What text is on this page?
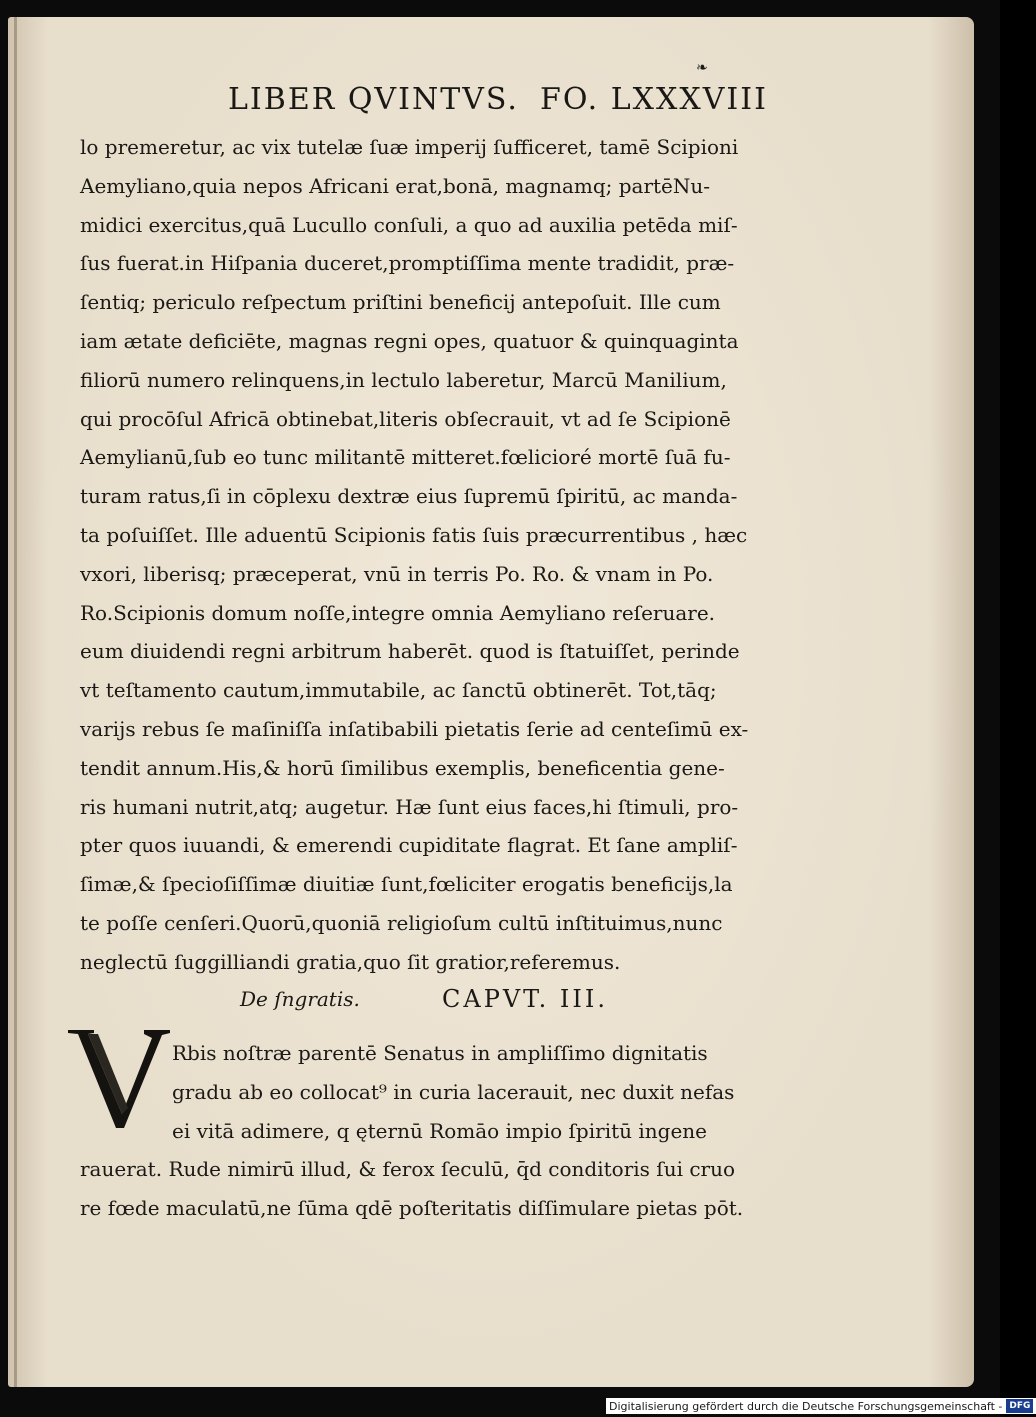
❧
LIBER QVINTVS. FO. LXXXVIII
lo premeretur, ac vix tutelæ ſuæ imperij ſufficeret, tamē Scipioni
Aemyliano,quia nepos Africani erat,bonā, magnamq; partēNu-
midici exercitus,quā Lucullo conſuli, a quo ad auxilia petēda miſ-
ſus fuerat.in Hiſpania duceret,promptiſſima mente tradidit, præ-
ſentiq; periculo reſpectum priſtini beneficij antepoſuit. Ille cum
iam ætate deficiēte, magnas regni opes, quatuor & quinquaginta
filiorū numero relinquens,in lectulo laberetur, Marcū Manilium,
qui procōſul Africā obtinebat,literis obſecrauit, vt ad ſe Scipionē
Aemylianū,ſub eo tunc militantē mitteret.fœlicioré mortē ſuā fu-
turam ratus,ſi in cōplexu dextræ eius ſupremū ſpiritū, ac manda-
ta poſuiſſet. Ille aduentū Scipionis fatis ſuis præcurrentibus , hæc
vxori, liberisq; præceperat, vnū in terris Po. Ro. & vnam in Po.
Ro.Scipionis domum noſſe,integre omnia Aemyliano reſeruare.
eum diuidendi regni arbitrum haberēt. quod is ſtatuiſſet, perinde
vt teſtamento cautum,immutabile, ac ſanctū obtinerēt. Tot,tāq;
varijs rebus ſe maſiniſſa inſatibabili pietatis ſerie ad centeſimū ex-
tendit annum.His,& horū ſimilibus exemplis, beneficentia gene-
ris humani nutrit,atq; augetur. Hæ ſunt eius faces,hi ſtimuli, pro-
pter quos iuuandi, & emerendi cupiditate flagrat. Et ſane ampliſ-
ſimæ,& ſpecioſiſſimæ diuitiæ ſunt,fœliciter erogatis beneficijs,la
te poſſe cenſeri.Quorū,quoniā religioſum cultū inſtituimus,nunc
neglectū ſuggilliandi gratia,quo ſit gratior,referemus.
De ſngratis.	CAPVT. III.
V
Rbis noſtræ parentē Senatus in ampliſſimo dignitatis
gradu ab eo collocat⁹ in curia lacerauit, nec duxit nefas
ei vitā adimere, q ęternū Romāo impio ſpiritū ingene
rauerat. Rude nimirū illud, & ferox ſeculū, q̄d conditoris ſui cruo
re fœde maculatū,ne ſūma qdē poſteritatis diſſimulare pietas pōt.
Digitalisierung gefördert durch die Deutsche Forschungsgemeinschaft - DFG
